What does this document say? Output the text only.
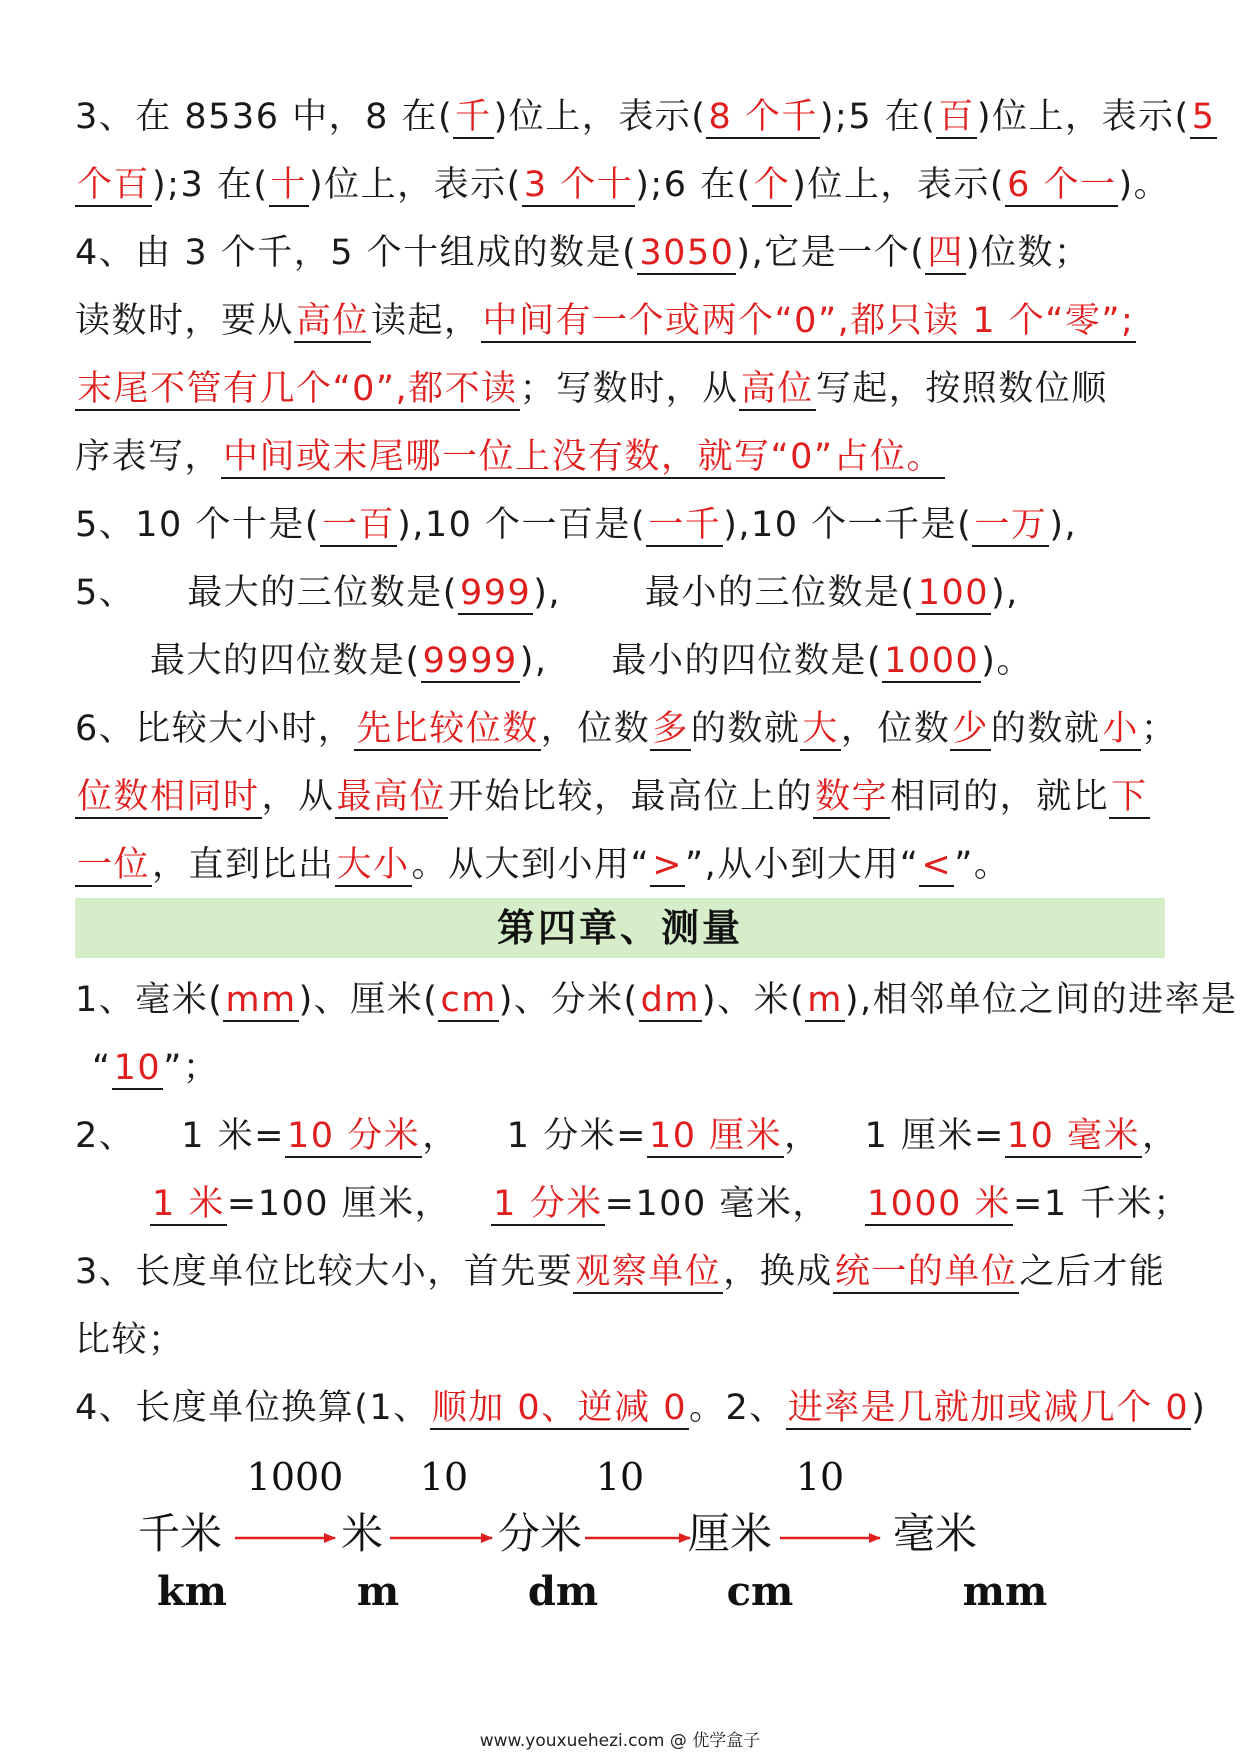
3、在 8536 中，8 在(千)位上，表示(8 个千);5 在(百)位上，表示(5
个百);3 在(十)位上，表示(3 个十);6 在(个)位上，表示(6 个一)。
4、由 3 个千，5 个十组成的数是(3050),它是一个(四)位数；
读数时，要从高位读起，中间有一个或两个“0”,都只读 1 个“零”;
末尾不管有几个“0”,都不读；写数时，从高位写起，按照数位顺
序表写，中间或末尾哪一位上没有数，就写“0”占位。
5、10 个十是(一百),10 个一百是(一千),10 个一千是(一万),
5、 最大的三位数是(999), 最小的三位数是(100),
最大的四位数是(9999), 最小的四位数是(1000)。
6、比较大小时，先比较位数，位数多的数就大，位数少的数就小；
位数相同时，从最高位开始比较，最高位上的数字相同的，就比下
一位，直到比出大小。从大到小用“>”,从小到大用“<”。
第四章、测量
1、毫米(mm)、厘米(cm)、分米(dm)、米(m),相邻单位之间的进率是
“10”；
2、 1 米=10 分米， 1 分米=10 厘米， 1 厘米=10 毫米，
1 米=100 厘米， 1 分米=100 毫米， 1000 米=1 千米；
3、长度单位比较大小，首先要观察单位，换成统一的单位之后才能
比较；
4、长度单位换算(1、顺加 0、逆减 0。2、进率是几就加或减几个 0)
千米
km
米
m
分米
dm
厘米
cm
毫米
mm
1000 10	10	10
www.youxuehezi.com @ 优学盒子
